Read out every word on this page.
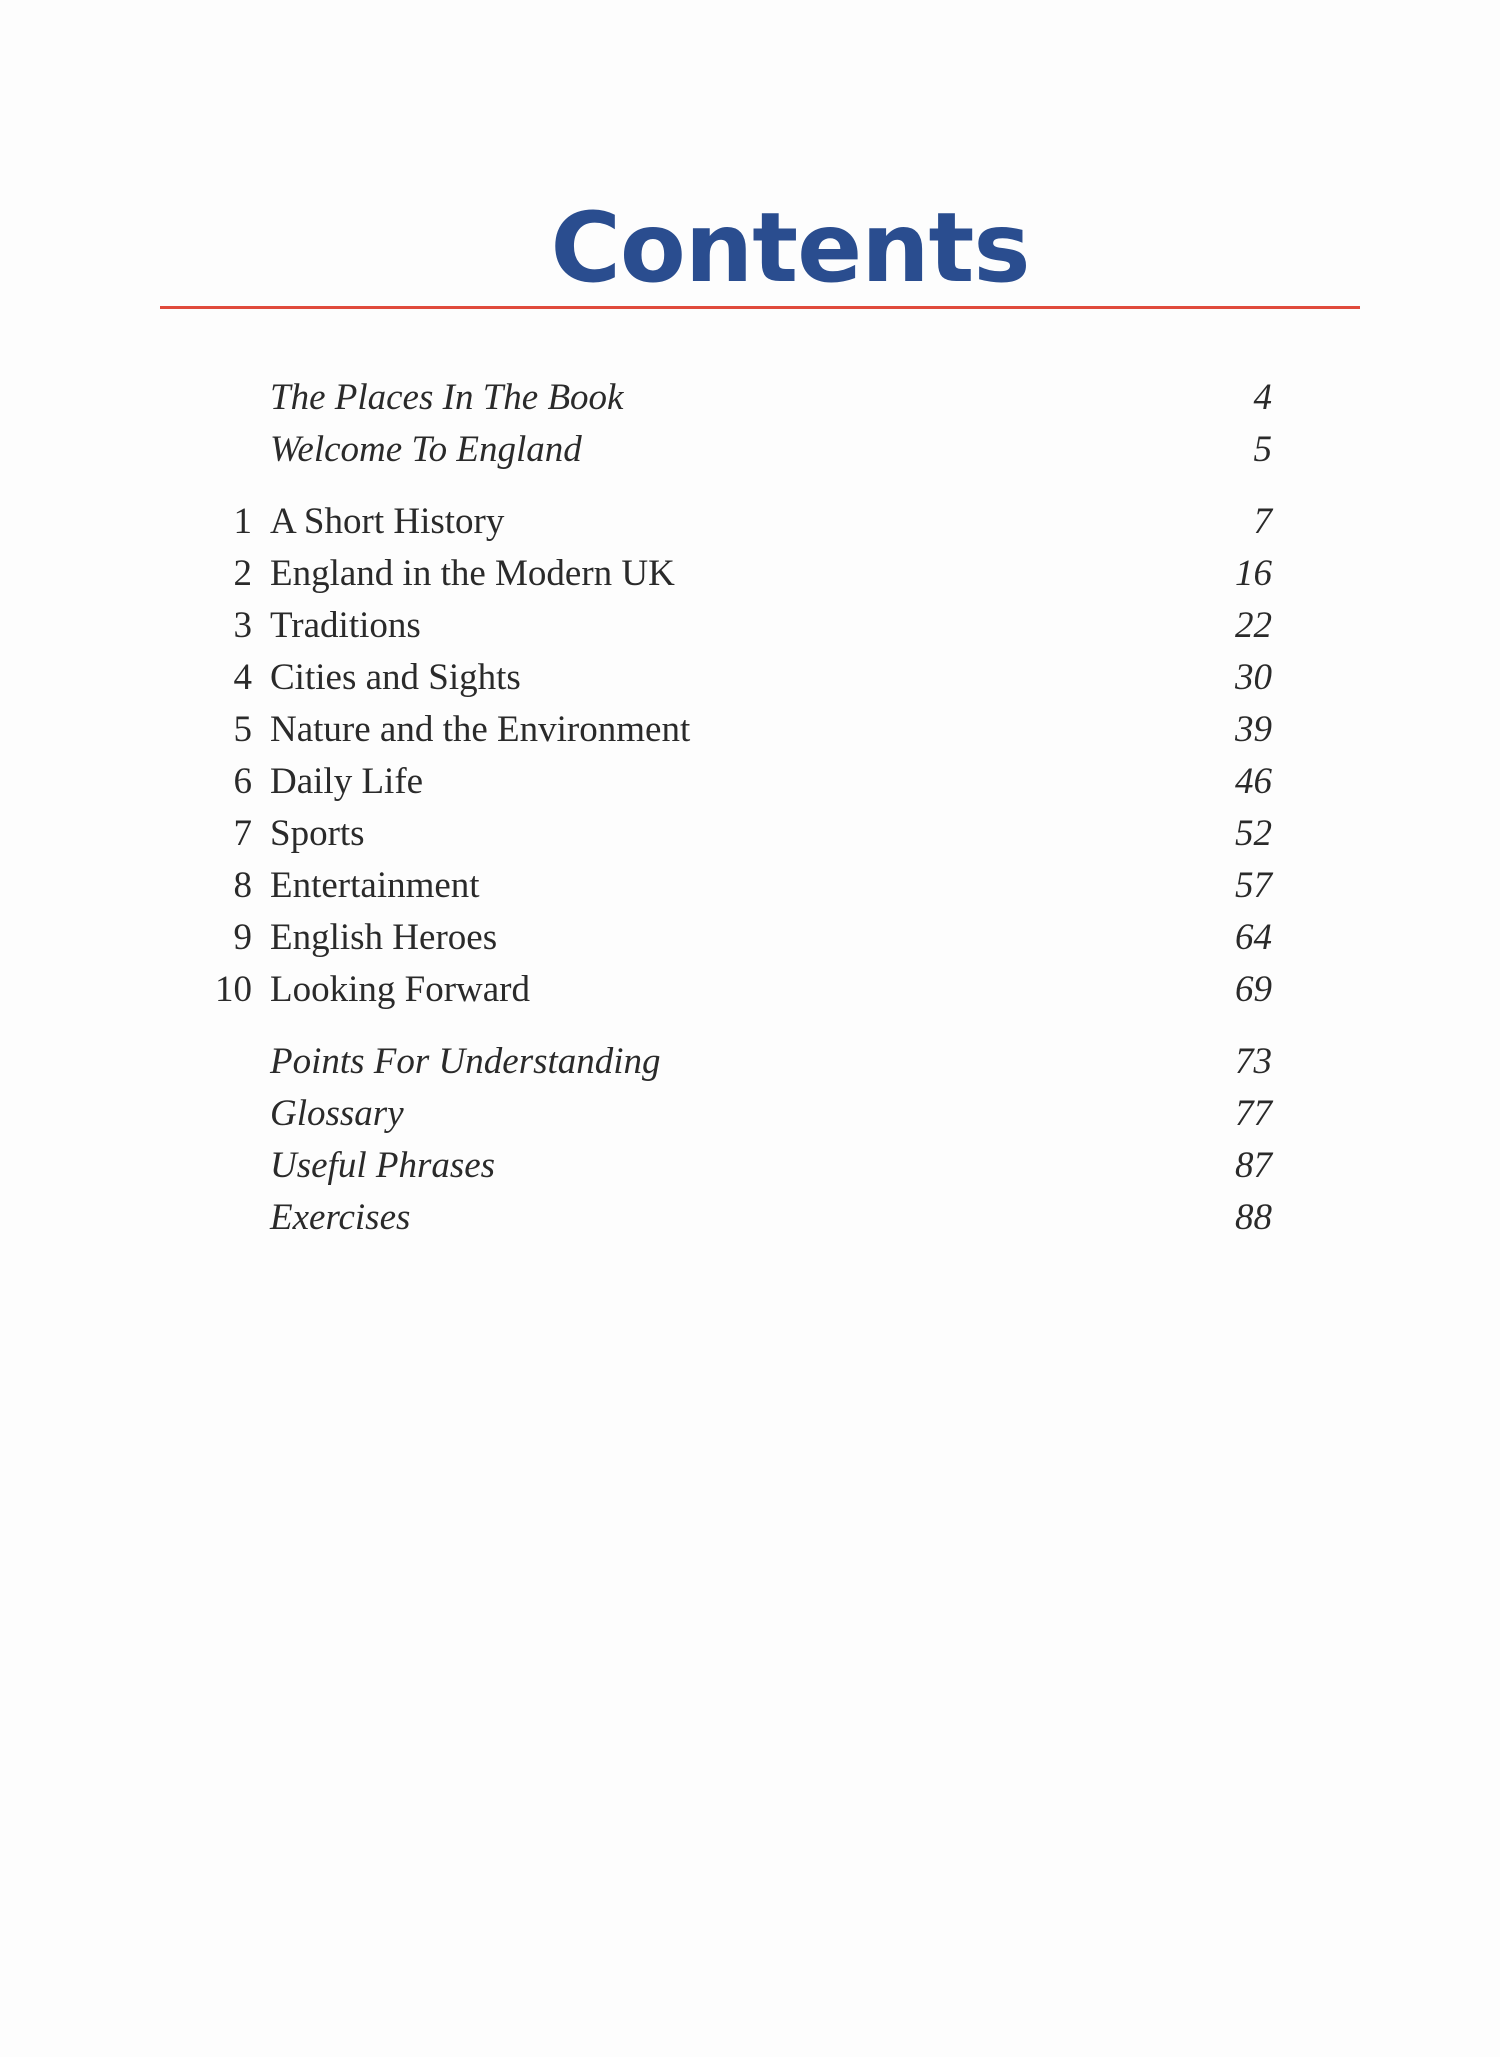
Contents
The Places In The Book	4
Welcome To England	5
1 A Short History	7
2 England in the Modern UK	16
3 Traditions	22
4 Cities and Sights	30
5 Nature and the Environment	39
6 Daily Life	46
7 Sports	52
8 Entertainment	57
9 English Heroes	64
10 Looking Forward	69
Points For Understanding	73
Glossary	77
Useful Phrases	87
Exercises	88
